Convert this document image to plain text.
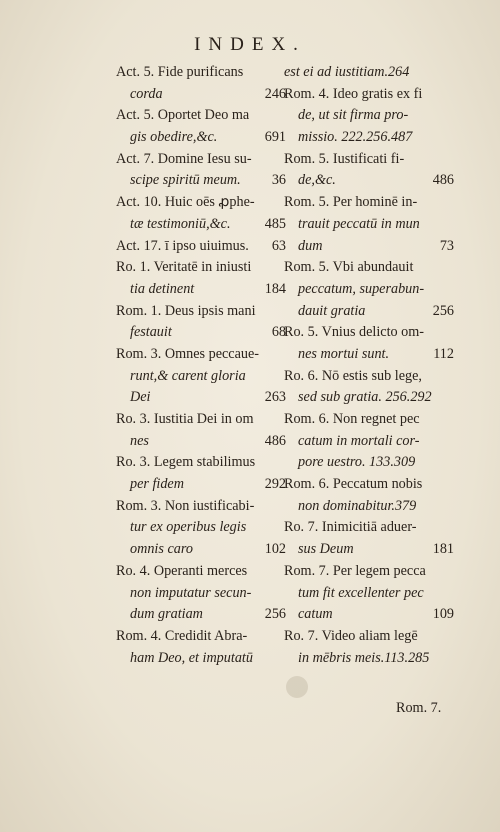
INDEX.
Act. 5. Fide purificans
corda	246
Act. 5. Oportet Deo ma
gis obedire,&c.	691
Act. 7. Domine Iesu su-
scipe spiritū meum. 36
Act. 10. Huic oēs ꝓphe-
tæ testimoniū,&c. 485
Act. 17. ī ipso uiuimus. 63
Ro. 1. Veritatē in iniusti
tia detinent	184
Rom. 1. Deus ipsis mani
festauit	68
Rom. 3. Omnes peccaue-
runt,& carent gloria
Dei	263
Ro. 3. Iustitia Dei in om
nes	486
Ro. 3. Legem stabilimus
per fidem	292
Rom. 3. Non iustificabi-
tur ex operibus legis
omnis caro	102
Ro. 4. Operanti merces
non imputatur secun-
dum gratiam	256
Rom. 4. Credidit Abra-
ham Deo, et imputatū
est ei ad iustitiam.264
Rom. 4. Ideo gratis ex fi
de, ut sit firma pro-
missio. 222.256.487
Rom. 5. Iustificati fi-
de,&c.	486
Rom. 5. Per hominē in-
trauit peccatū in mun
dum	73
Rom. 5. Vbi abundauit
peccatum, superabun-
dauit gratia	256
Ro. 5. Vnius delicto om-
nes mortui sunt.	112
Ro. 6. Nō estis sub lege,
sed sub gratia. 256.292
Rom. 6. Non regnet pec
catum in mortali cor-
pore uestro. 133.309
Rom. 6. Peccatum nobis
non dominabitur.379
Ro. 7. Inimicitiā aduer-
sus Deum	181
Rom. 7. Per legem pecca
tum fit excellenter pec
catum	109
Ro. 7. Video aliam legē
in mēbris meis.113.285
Rom. 7.
